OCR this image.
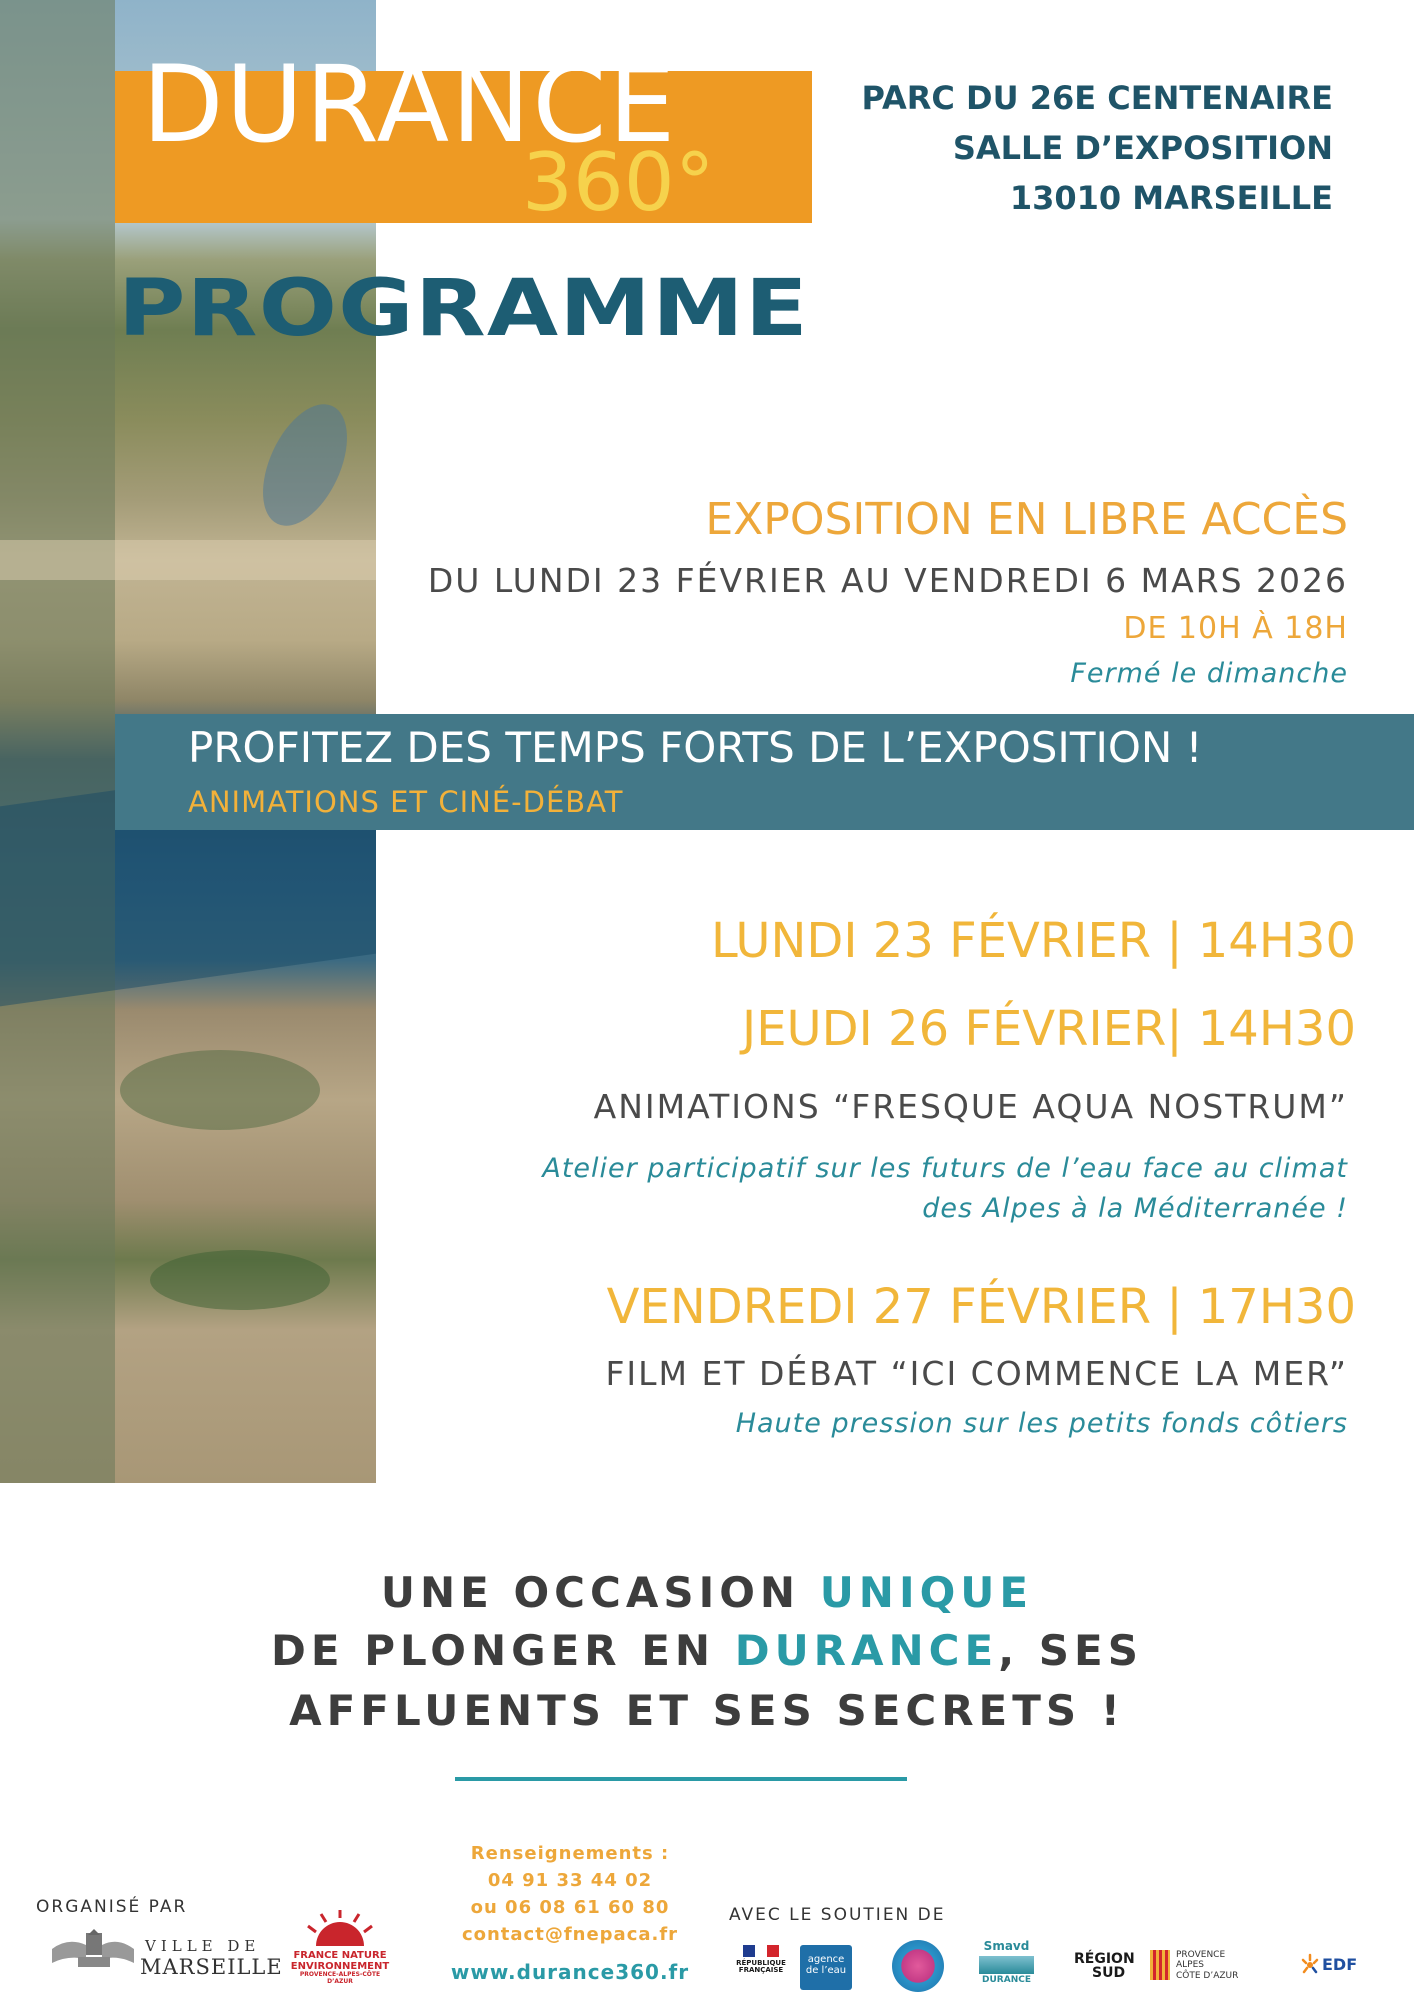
DURANCE
360°
PROGRAMME
PARC DU 26E CENTENAIRE
SALLE D’EXPOSITION
13010 MARSEILLE
EXPOSITION EN LIBRE ACCÈS
DU LUNDI 23 FÉVRIER AU VENDREDI 6 MARS 2026
DE 10H À 18H
Fermé le dimanche
PROFITEZ DES TEMPS FORTS DE L’EXPOSITION !
ANIMATIONS ET CINÉ-DÉBAT
LUNDI 23 FÉVRIER | 14H30
JEUDI 26 FÉVRIER| 14H30
ANIMATIONS “FRESQUE AQUA NOSTRUM”
Atelier participatif sur les futurs de l’eau face au climat
des Alpes à la Méditerranée !
VENDREDI 27 FÉVRIER | 17H30
FILM ET DÉBAT “ICI COMMENCE LA MER”
Haute pression sur les petits fonds côtiers
UNE OCCASION UNIQUE
DE PLONGER EN DURANCE, SES
AFFLUENTS ET SES SECRETS !
ORGANISÉ PAR
VILLE DE
MARSEILLE	FRANCE NATURE
ENVIRONNEMENT
PROVENCE-ALPES-CÔTE D’AZUR
Renseignements :
04 91 33 44 02
ou 06 08 61 60 80
contact@fnepaca.fr
www.durance360.fr
AVEC LE SOUTIEN DE
RÉPUBLIQUE
FRANÇAISE
agence
de l’eau
Smavd
DURANCE
RÉGION
SUD
PROVENCE
ALPES
CÔTE D’AZUR
EDF
